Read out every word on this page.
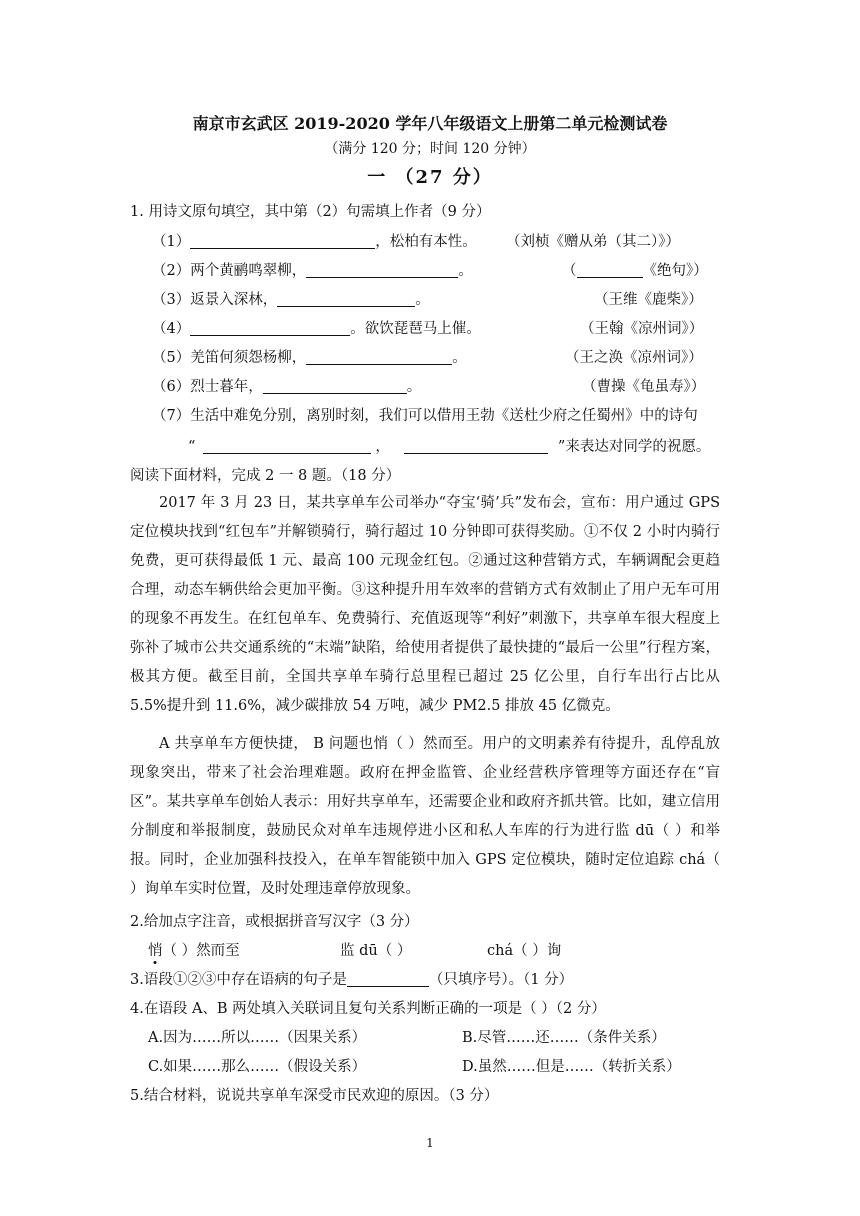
南京市玄武区 2019-2020 学年八年级语文上册第二单元检测试卷
（满分 120 分；时间 120 分钟）
一 （27 分）
1. 用诗文原句填空，其中第（2）句需填上作者（9 分）
（1）	，松柏有本性。 （刘桢《赠从弟（其二）》）
（2）两个黄鹂鸣翠柳，	。	（	《绝句》）
（3）返景入深林，	。	（王维《鹿柴》）
（4）	。欲饮琵琶马上催。	（王翰《凉州词》）
（5）羌笛何须怨杨柳，	。	（王之涣《凉州词》）
（6）烈士暮年，	。	（曹操《龟虽寿》）
（7）生活中难免分别，离别时刻，我们可以借用王勃《送杜少府之任蜀州》中的诗句
“	，	”来表达对同学的祝愿。
阅读下面材料，完成 2 一 8 题。（18 分）
2017 年 3 月 23 日，某共享单车公司举办“夺宝‘骑’兵”发布会，宣布：用户通过 GPS 定位模块找到“红包车”并解锁骑行，骑行超过 10 分钟即可获得奖励。①不仅 2 小时内骑行免费，更可获得最低 1 元、最高 100 元现金红包。②通过这种营销方式，车辆调配会更趋合理，动态车辆供给会更加平衡。③这种提升用车效率的营销方式有效制止了用户无车可用的现象不再发生。在红包单车、免费骑行、充值返现等“利好”刺激下，共享单车很大程度上弥补了城市公共交通系统的“末端”缺陷，给使用者提供了最快捷的“最后一公里”行程方案，极其方便。截至目前，全国共享单车骑行总里程已超过 25 亿公里，自行车出行占比从 5.5%提升到 11.6%，减少碳排放 54 万吨，减少 PM2.5 排放 45 亿微克。
A 共享单车方便快捷， B 问题也悄（ ）然而至。用户的文明素养有待提升，乱停乱放现象突出，带来了社会治理难题。政府在押金监管、企业经营秩序管理等方面还存在“盲区”。某共享单车创始人表示：用好共享单车，还需要企业和政府齐抓共管。比如，建立信用分制度和举报制度，鼓励民众对单车违规停进小区和私人车库的行为进行监 dū（ ）和举报。同时，企业加强科技投入，在单车智能锁中加入 GPS 定位模块，随时定位追踪 chá（ ）询单车实时位置，及时处理违章停放现象。
2.给加点字注音，或根据拼音写汉字（3 分）
悄（ ）然而至	监 dū（ ）	chá（ ）询
3.语段①②③中存在语病的句子是	（只填序号）。（1 分）
4.在语段 A、B 两处填入关联词且复句关系判断正确的一项是（ ）（2 分）
A.因为……所以……（因果关系）	B.尽管……还……（条件关系）
C.如果……那么……（假设关系）	D.虽然……但是……（转折关系）
5.结合材料，说说共享单车深受市民欢迎的原因。（3 分）
1
